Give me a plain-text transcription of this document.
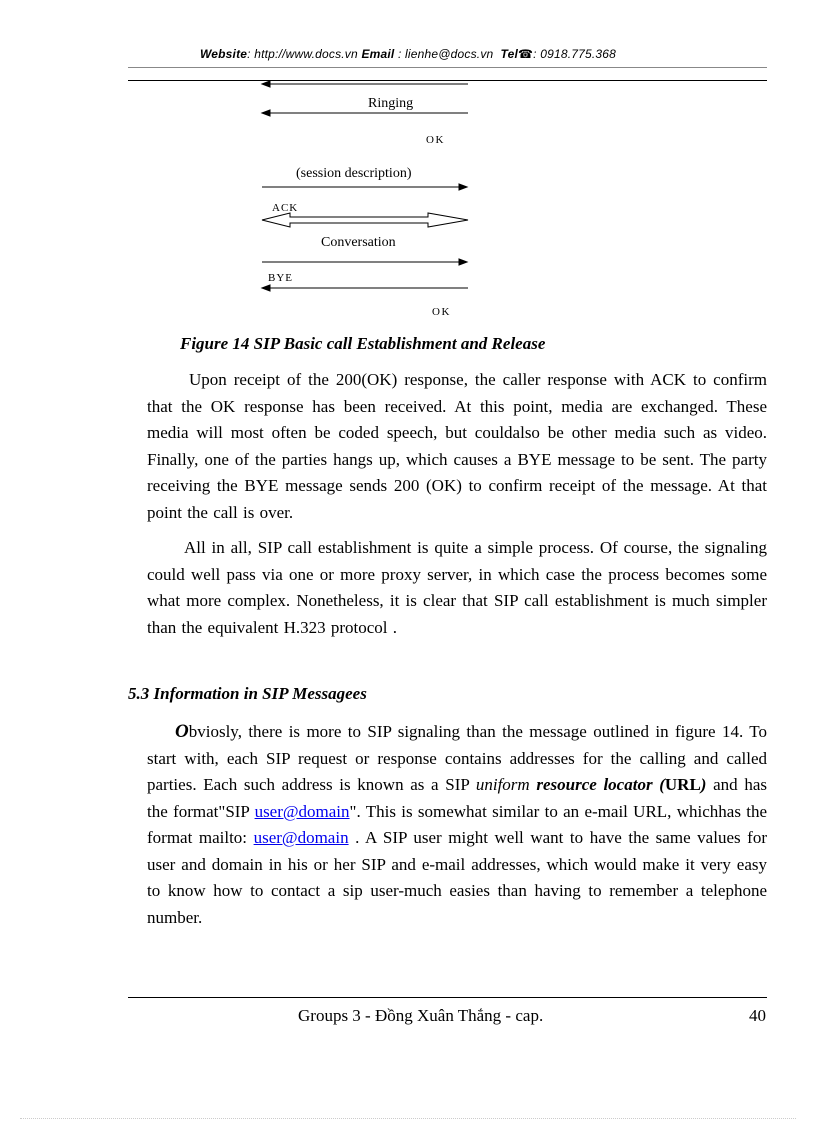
Website: http://www.docs.vn Email : lienhe@docs.vn Tel☎: 0918.775.368
Ringing
OK
(session description)
ACK
Conversation
BYE
OK
Figure 14 SIP Basic call Establishment and Release
Upon receipt of the 200(OK) response, the caller response with ACK to confirm that the OK response has been received. At this point, media are exchanged. These media will most often be coded speech, but couldalso be other media such as video. Finally, one of the parties hangs up, which causes a BYE message to be sent. The party receiving the BYE message sends 200 (OK) to confirm receipt of the message. At that point the call is over.
All in all, SIP call establishment is quite a simple process. Of course, the signaling could well pass via one or more proxy server, in which case the process becomes some what more complex. Nonetheless, it is clear that SIP call establishment is much simpler than the equivalent H.323 protocol .
5.3 Information in SIP Messagees
Obviosly, there is more to SIP signaling than the message outlined in figure 14. To start with, each SIP request or response contains addresses for the calling and called parties. Each such address is known as a SIP uniform resource locator (URL) and has the format"SIP user@domain". This is somewhat similar to an e-mail URL, whichhas the format mailto: user@domain . A SIP user might well want to have the same values for user and domain in his or her SIP and e-mail addresses, which would make it very easy to know how to contact a sip user-much easies than having to remember a telephone number.
Groups 3 - Đồng Xuân Thắng - cap.	40
